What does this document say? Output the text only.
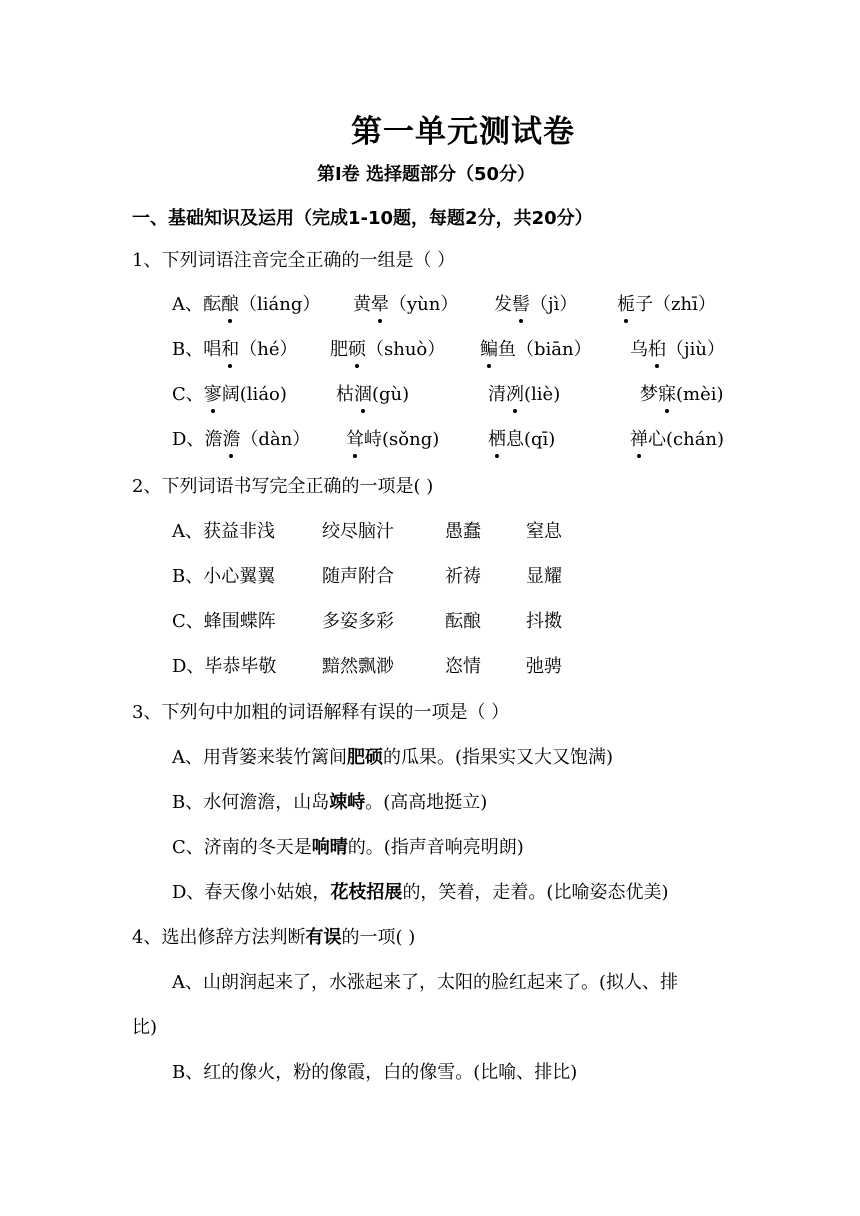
第一单元测试卷
第Ⅰ卷 选择题部分（50分）
一、基础知识及运用（完成1-10题，每题2分，共20分）
1、下列词语注音完全正确的一组是（ ）
A、酝酿（liáng） 黄晕（yùn） 发髻（jì） 栀子（zhī）
B、唱和（hé） 肥硕（shuò） 鳊鱼（biān） 乌桕（jiù）
C、寥阔(liáo)	枯涸(gù)	清冽(liè)	梦寐(mèi)
D、澹澹（dàn） 耸峙(sǒng)	栖息(qī)	禅心(chán)
2、下列词语书写完全正确的一项是( )
A、获益非浅	绞尽脑汁	愚蠢	窒息
B、小心翼翼	随声附合	祈祷	显耀
C、蜂围蝶阵	多姿多彩	酝酿	抖擞
D、毕恭毕敬	黯然飘渺	恣情	弛骋
3、下列句中加粗的词语解释有误的一项是（ ）
A、用背篓来装竹篱间肥硕的瓜果。(指果实又大又饱满)
B、水何澹澹，山岛竦峙。(高高地挺立)
C、济南的冬天是响晴的。(指声音响亮明朗)
D、春天像小姑娘，花枝招展的，笑着，走着。(比喻姿态优美)
4、选出修辞方法判断有误的一项( )
A、山朗润起来了，水涨起来了，太阳的脸红起来了。(拟人、排
比)
B、红的像火，粉的像霞，白的像雪。(比喻、排比)
